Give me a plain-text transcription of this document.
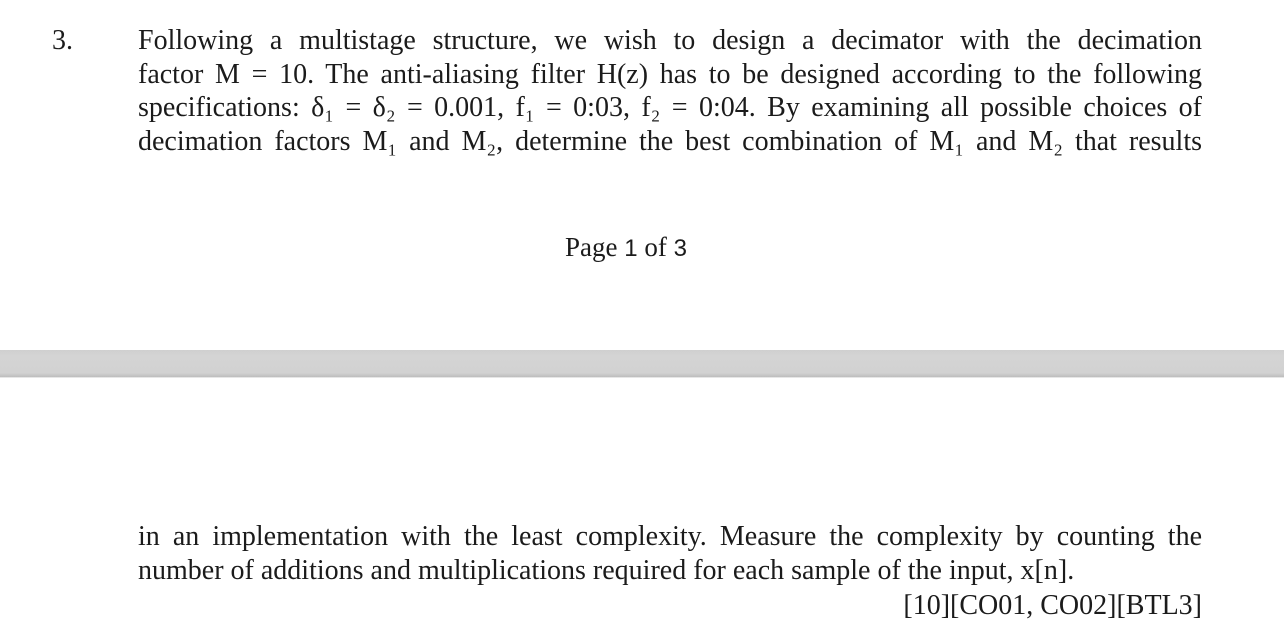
3. Following a multistage structure, we wish to design a decimator with the decimation
factor M = 10. The anti-aliasing filter H(z) has to be designed according to the following
specifications: δ₁ = δ₂ = 0.001, f₁ = 0:03, f₂ = 0:04. By examining all possible choices of
decimation factors M₁ and M₂, determine the best combination of M₁ and M₂ that results
Page 1 of 3
in an implementation with the least complexity. Measure the complexity by counting the
number of additions and multiplications required for each sample of the input, x[n].
[10][CO01, CO02][BTL3]
